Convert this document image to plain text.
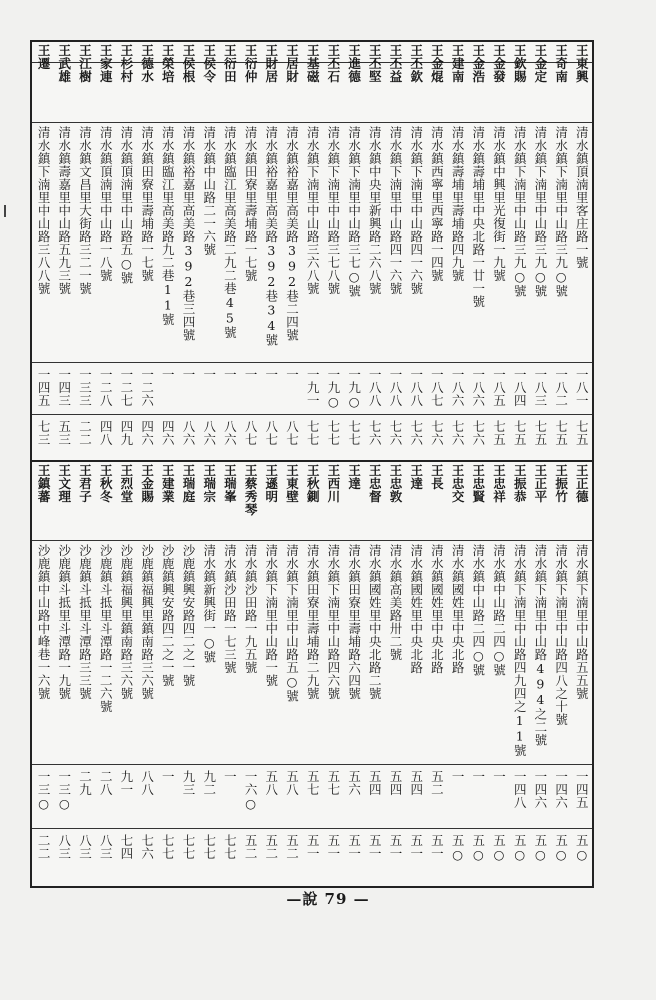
王東興
清水鎮頂湳里客庄路一號
一八一
七五
王奇南
清水鎮下湳里中山路三九○號
一八二
七五
王金定
清水鎮下湳里中山路三九○號
一八三
七五
王欽賜
清水鎮下湳里中山路三九○號
一八四
七五
王金發
清水鎮中興里光復街一九號
一八五
七五
王金浩
清水鎮壽埔里中央北路一廿一號
一八六
七六
王建南
清水鎮壽埔里壽埔路四九號
一八六
七六
王金焜
清水鎮西寧里西寧路一四號
一八七
七六
王丕欽
清水鎮下湳里中山路四一六號
一八八
七六
王丕益
清水鎮下湳里中山路四一六號
一八八
七六
王丕堅
清水鎮中央里新興路二六八號
一八八
七六
王進德
清水鎮下湳里中山路三七○號
一九○
七七
王丕石
清水鎮下湳里中山路三七八號
一九○
七七
王基磁
清水鎮下湳里中山路三六八號
一九一
七七
王居財
清水鎮裕嘉里高美路392巷二四號
一
八七
王財居
清水鎮裕嘉里高美路392巷34號
一
八七
王衍仲
清水鎮田寮里壽埔路一七號
一
八七
王衍田
清水鎮臨江里高美路二九二巷45號
一
八六
王侯令
清水鎮中山路二一六號
一
八六
王侯根
清水鎮裕嘉里高美路392巷三四號
一
八六
王榮培
清水鎮臨江里高美路九二巷11號
一
四六
王德水
清水鎮田寮里壽埔路一七號
一二六
四六
王杉村
清水鎮頂湳里中山路五○號
一二七
四九
王家連
清水鎮頂湳里中山路一八號
一二八
四八
王江樹
清水鎮文昌里大街路三二一號
一三三
二二
王武雄
清水鎮壽嘉里中山路五九三號
一四三
五三
王遷
清水鎮下湳里中山路三八八號
一四五
七三
王正德
清水鎮下湳里中山路五五號
一四五
五○
王振竹
清水鎮下湳里中山路四八之十號
一四六
五○
王正平
清水鎮下湳里中山路494之二號
一四六
五○
王振恭
清水鎮下湳里中山路四九四之11號
一四八
五○
王忠祥
清水鎮中山路二四○號
一
五○
王忠賢
清水鎮中山路二四○號
一
五○
王忠交
清水鎮國姓里中央北路
一
五○
王長
清水鎮國姓里中央北路
五二
五一
王達
清水鎮國姓里中央北路
五四
五一
王忠敦
清水鎮高美路卅二號
五四
五一
王忠督
清水鎮國姓里中央北路二號
五四
五一
王達
清水鎮田寮里壽埔路六四號
五六
五一
王西川
清水鎮下湳里中山路四六號
五七
五一
王秋鍘
清水鎮田寮里壽埔路二九號
五七
五一
王東壁
清水鎮下湳里中山路五○號
五八
五二
王遜明
清水鎮下湳里中山路一號
五八
五二
王蔡秀琴
清水鎮沙田路一九五號
一六○
五二
王瑞峯
清水鎮沙田路一七三號
一
七七
王瑞宗
清水鎮新興街一○號
九二
七七
王瑞庭
沙鹿鎮興安路四二之一號
九三
七七
王建業
沙鹿鎮興安路四二之一號
一
七七
王金賜
沙鹿鎮福興里鎮南路三六號
八八
七六
王烈堂
沙鹿鎮福興里鎮南路三六號
九一
七四
王秋冬
沙鹿鎮斗抵里斗潭路一二六號
二八
八三
王君子
沙鹿鎮斗抵里斗潭路三三號
二九
八三
王文理
沙鹿鎮斗抵里斗潭路一九號
一三○
八三
王鎮蕃
沙鹿鎮中山路中峰巷一六號
一三○
二二
—說 79 —
